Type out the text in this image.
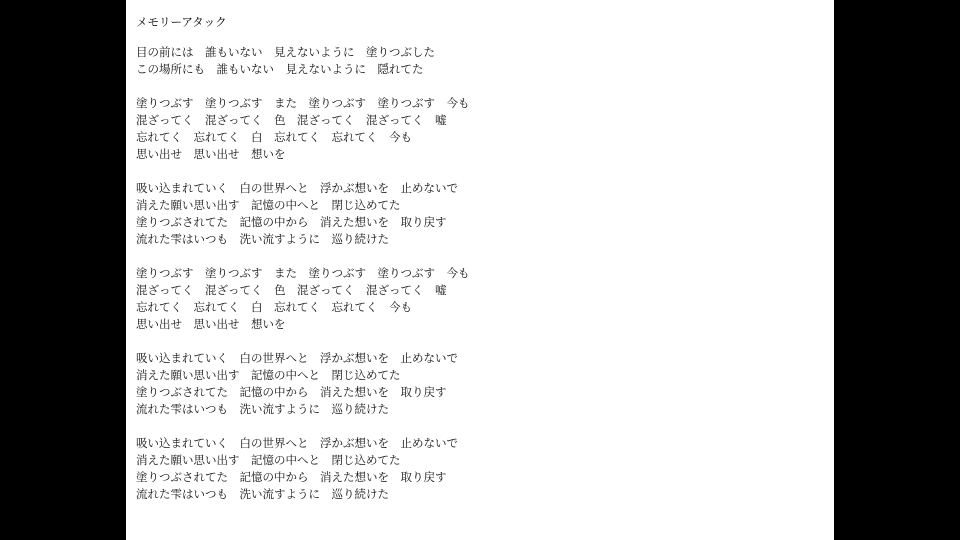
メモリーアタック
目の前には　誰もいない　見えないように　塗りつぶした
この場所にも　誰もいない　見えないように　隠れてた
塗りつぶす　塗りつぶす　また　塗りつぶす　塗りつぶす　今も
混ざってく　混ざってく　色　混ざってく　混ざってく　嘘
忘れてく　忘れてく　白　忘れてく　忘れてく　今も
思い出せ　思い出せ　想いを
吸い込まれていく　白の世界へと　浮かぶ想いを　止めないで
消えた願い思い出す　記憶の中へと　閉じ込めてた
塗りつぶされてた　記憶の中から　消えた想いを　取り戻す
流れた雫はいつも　洗い流すように　巡り続けた
塗りつぶす　塗りつぶす　また　塗りつぶす　塗りつぶす　今も
混ざってく　混ざってく　色　混ざってく　混ざってく　嘘
忘れてく　忘れてく　白　忘れてく　忘れてく　今も
思い出せ　思い出せ　想いを
吸い込まれていく　白の世界へと　浮かぶ想いを　止めないで
消えた願い思い出す　記憶の中へと　閉じ込めてた
塗りつぶされてた　記憶の中から　消えた想いを　取り戻す
流れた雫はいつも　洗い流すように　巡り続けた
吸い込まれていく　白の世界へと　浮かぶ想いを　止めないで
消えた願い思い出す　記憶の中へと　閉じ込めてた
塗りつぶされてた　記憶の中から　消えた想いを　取り戻す
流れた雫はいつも　洗い流すように　巡り続けた
